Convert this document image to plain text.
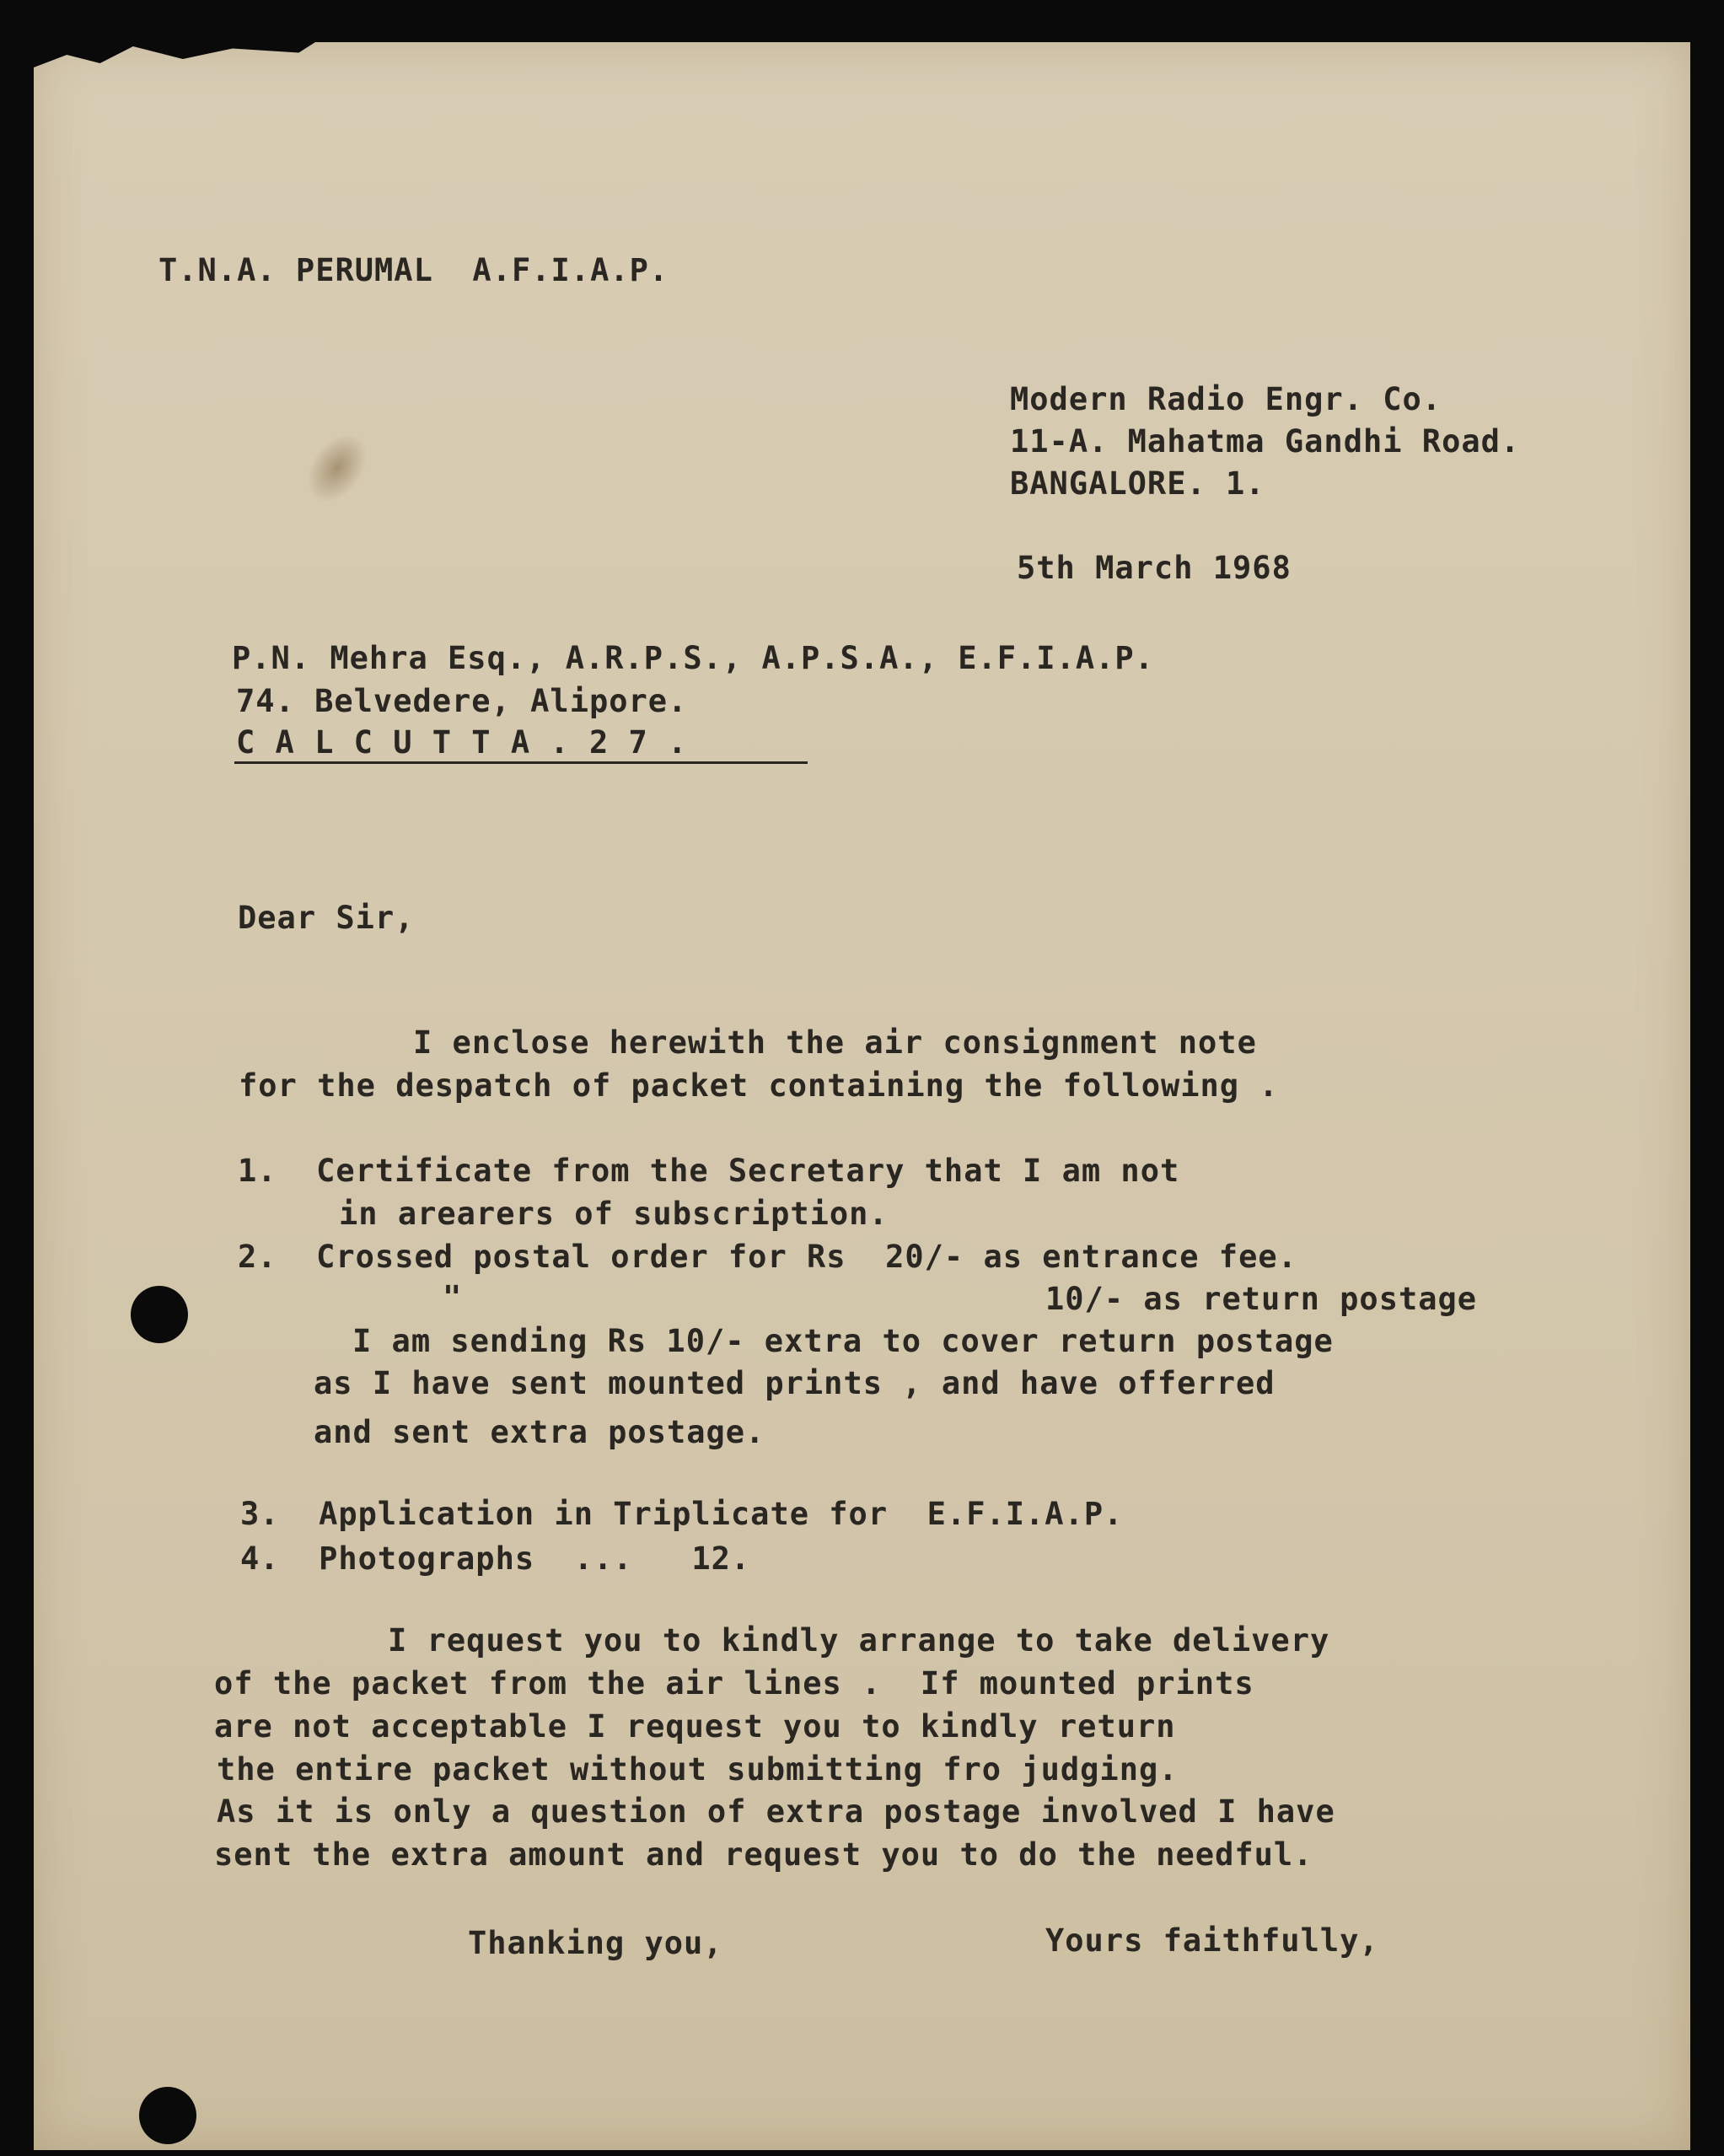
T.N.A. PERUMAL  A.F.I.A.P.

Modern Radio Engr. Co.

11-A. Mahatma Gandhi Road.

BANGALORE. 1.

5th March 1968

P.N. Mehra Esq., A.R.P.S., A.P.S.A., E.F.I.A.P.

74. Belvedere, Alipore.

C A L C U T T A . 2 7 .

Dear Sir,

I enclose herewith the air consignment note

for the despatch of packet containing the following .

1.  Certificate from the Secretary that I am not

in arearers of subscription.

2.  Crossed postal order for Rs  20/- as entrance fee.

"	10/- as return postage

I am sending Rs 10/- extra to cover return postage

as I have sent mounted prints , and have offerred

and sent extra postage.

3.  Application in Triplicate for  E.F.I.A.P.

4.  Photographs  ...   12.

I request you to kindly arrange to take delivery

of the packet from the air lines .  If mounted prints

are not acceptable I request you to kindly return

the entire packet without submitting fro judging.

As it is only a question of extra postage involved I have

sent the extra amount and request you to do the needful.

Thanking you,	Yours faithfully,
